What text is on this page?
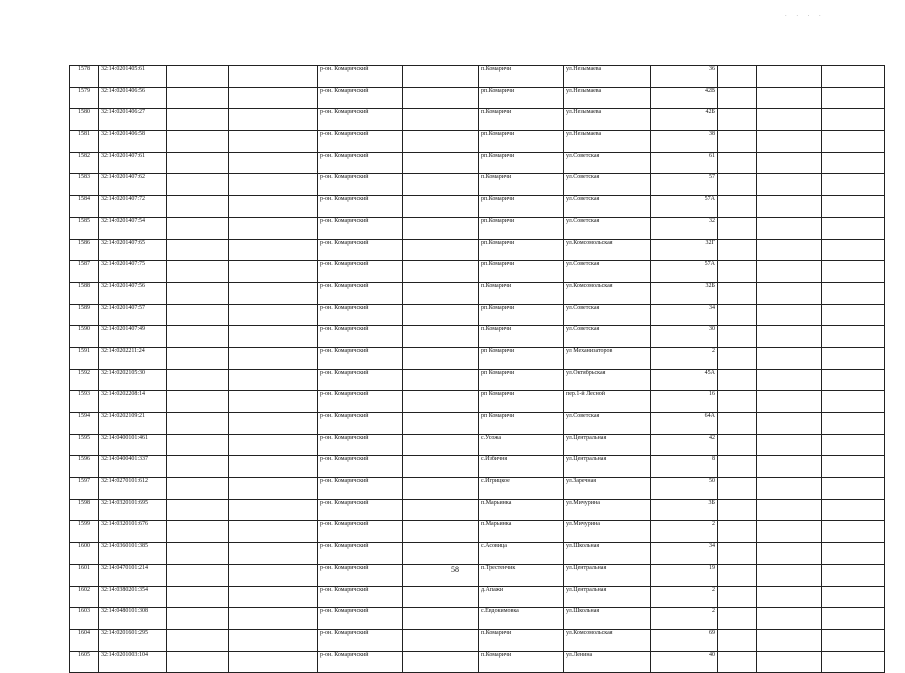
. . . .
1578	32:14:0201405:61			р-он. Комаричский		п.Комаричи	ул.Незымаева	36			
1579	32:14:0201406:56			р-он. Комаричский		рп.Комаричи	ул.Незымаева	42В			
1580	32:14:0201406:27			р-он. Комаричский		п.Комаричи	ул.Незымаева	42Б			
1581	32:14:0201406:58			р-он. Комаричский		рп.Комаричи	ул.Незымаева	38			
1582	32:14:0201407:61			р-он. Комаричский		рп.Комаричи	ул.Советская	61			
1583	32:14:0201407:62			р-он. Комаричский		п.Комаричи	ул.Советская	57			
1584	32:14:0201407:72			р-он. Комаричский		рп.Комаричи	ул.Советская	57А			
1585	32:14:0201407:54			р-он. Комаричский		рп.Комаричи	ул.Советская	32			
1586	32:14:0201407:65			р-он. Комаричский		рп.Комаричи	ул.Комсомольская	32Г			
1587	32:14:0201407:75			р-он. Комаричский		рп.Комаричи	ул.Советская	57А			
1588	32:14:0201407:56			р-он. Комаричский		п.Комаричи	ул.Комсомольская	32Б			
1589	32:14:0201407:57			р-он. Комаричский		рп.Комаричи	ул.Советская	34			
1590	32:14:0201407:49			р-он. Комаричский		п.Комаричи	ул.Советская	30			
1591	32:14:0202211:24			р-он. Комаричский		рп Комаричи	ул Механизаторов	2			
1592	32:14:0202105:30			р-он. Комаричский		рп Комаричи	ул.Октябрьская	45А			
1593	32:14:0202208:14			р-он. Комаричский		рп Комаричи	пер.1-й Лесной	16			
1594	32:14:0202109:21			р-он. Комаричский		рп Комаричи	ул.Советская	64А			
1595	32:14:0400101:461			р-он. Комаричский		с.Усожа	ул.Центральная	42			
1596	32:14:0400401:337			р-он. Комаричский		с.Избичня	ул.Центральная	8			
1597	32:14:0270101:612			р-он. Комаричский		с.Игрицкое	ул.Заречная	50			
1598	32:14:0320101:695			р-он. Комаричский		п.Марьинка	ул.Мичурина	3Б			
1599	32:14:0320101:676			р-он. Комаричский		п.Марьинка	ул.Мичурина	2			
1600	32:14:0360101:385			р-он. Комаричский		с.Асовица	ул.Школьная	34			
1601	32:14:0470101:214			р-он. Комаричский		п.Трестенчик	ул.Центральная	19			
1602	32:14:0380201:354			р-он. Комаричский		д.Апажи	ул.Центральная	2			
1603	32:14:0480101:308			р-он. Комаричский		с.Евдокимовка	ул.Школьная	2			
1604	32:14:0201601:295			р-он. Комаричский		п.Комаричи	ул.Комсомольская	69			
1605	32:14:0201003:104			р-он. Комаричский		п.Комаричи	ул.Ленина	40			
58
